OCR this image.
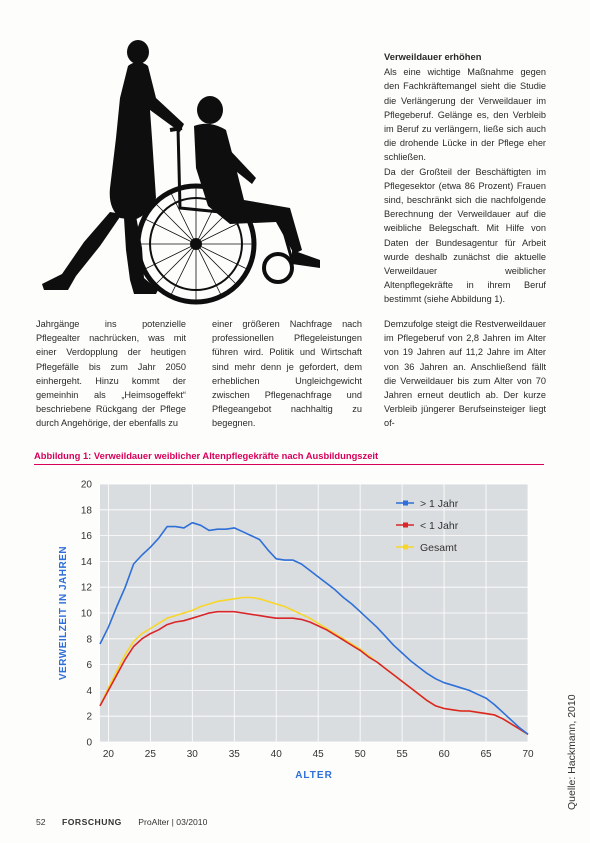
Verweildauer erhöhen

Als eine wichtige Maßnahme gegen den Fachkräftemangel sieht die Studie die Verlängerung der Verweildauer im Pflegeberuf. Gelänge es, den Verbleib im Beruf zu verlängern, ließe sich auch die drohende Lücke in der Pflege eher schließen.

Da der Großteil der Beschäftigten im Pflegesektor (etwa 86 Prozent) Frauen sind, beschränkt sich die nachfolgende Berechnung der Verweildauer auf die weibliche Belegschaft. Mit Hilfe von Daten der Bundesagentur für Arbeit wurde deshalb zunächst die aktuelle Verweildauer weiblicher Altenpflegekräfte in ihrem Beruf bestimmt (siehe Abbildung 1).

Jahrgänge ins potenzielle Pflegealter nachrücken, was mit einer Verdopplung der heutigen Pflegefälle bis zum Jahr 2050 einhergeht. Hinzu kommt der gemeinhin als „Heimsogeffekt“ beschriebene Rückgang der Pflege durch Angehörige, der ebenfalls zu
einer größeren Nachfrage nach professionellen Pflegeleistungen führen wird. Politik und Wirtschaft sind mehr denn je gefordert, dem erheblichen Ungleichgewicht zwischen Pflegenachfrage und Pflegeangebot nachhaltig zu begegnen.

Demzufolge steigt die Restverweildauer im Pflegeberuf von 2,8 Jahren im Alter von 19 Jahren auf 11,2 Jahre im Alter von 36 Jahren an. Anschließend fällt die Verweildauer bis zum Alter von 70 Jahren erneut deutlich ab. Der kurze Verbleib jüngerer Berufseinsteiger liegt of-

Abbildung 1: Verweildauer weiblicher Altenpflegekräfte nach Ausbildungszeit
0
2
4
6
8
10
12
14
16
18
20
20	25	30	35	40	45	50	55	60	65	70
VERWEILZEIT IN JAHREN
ALTER
> 1 Jahr
< 1 Jahr
Gesamt
Quelle: Hackmann, 2010
52 FORSCHUNG ProAlter | 03/2010
